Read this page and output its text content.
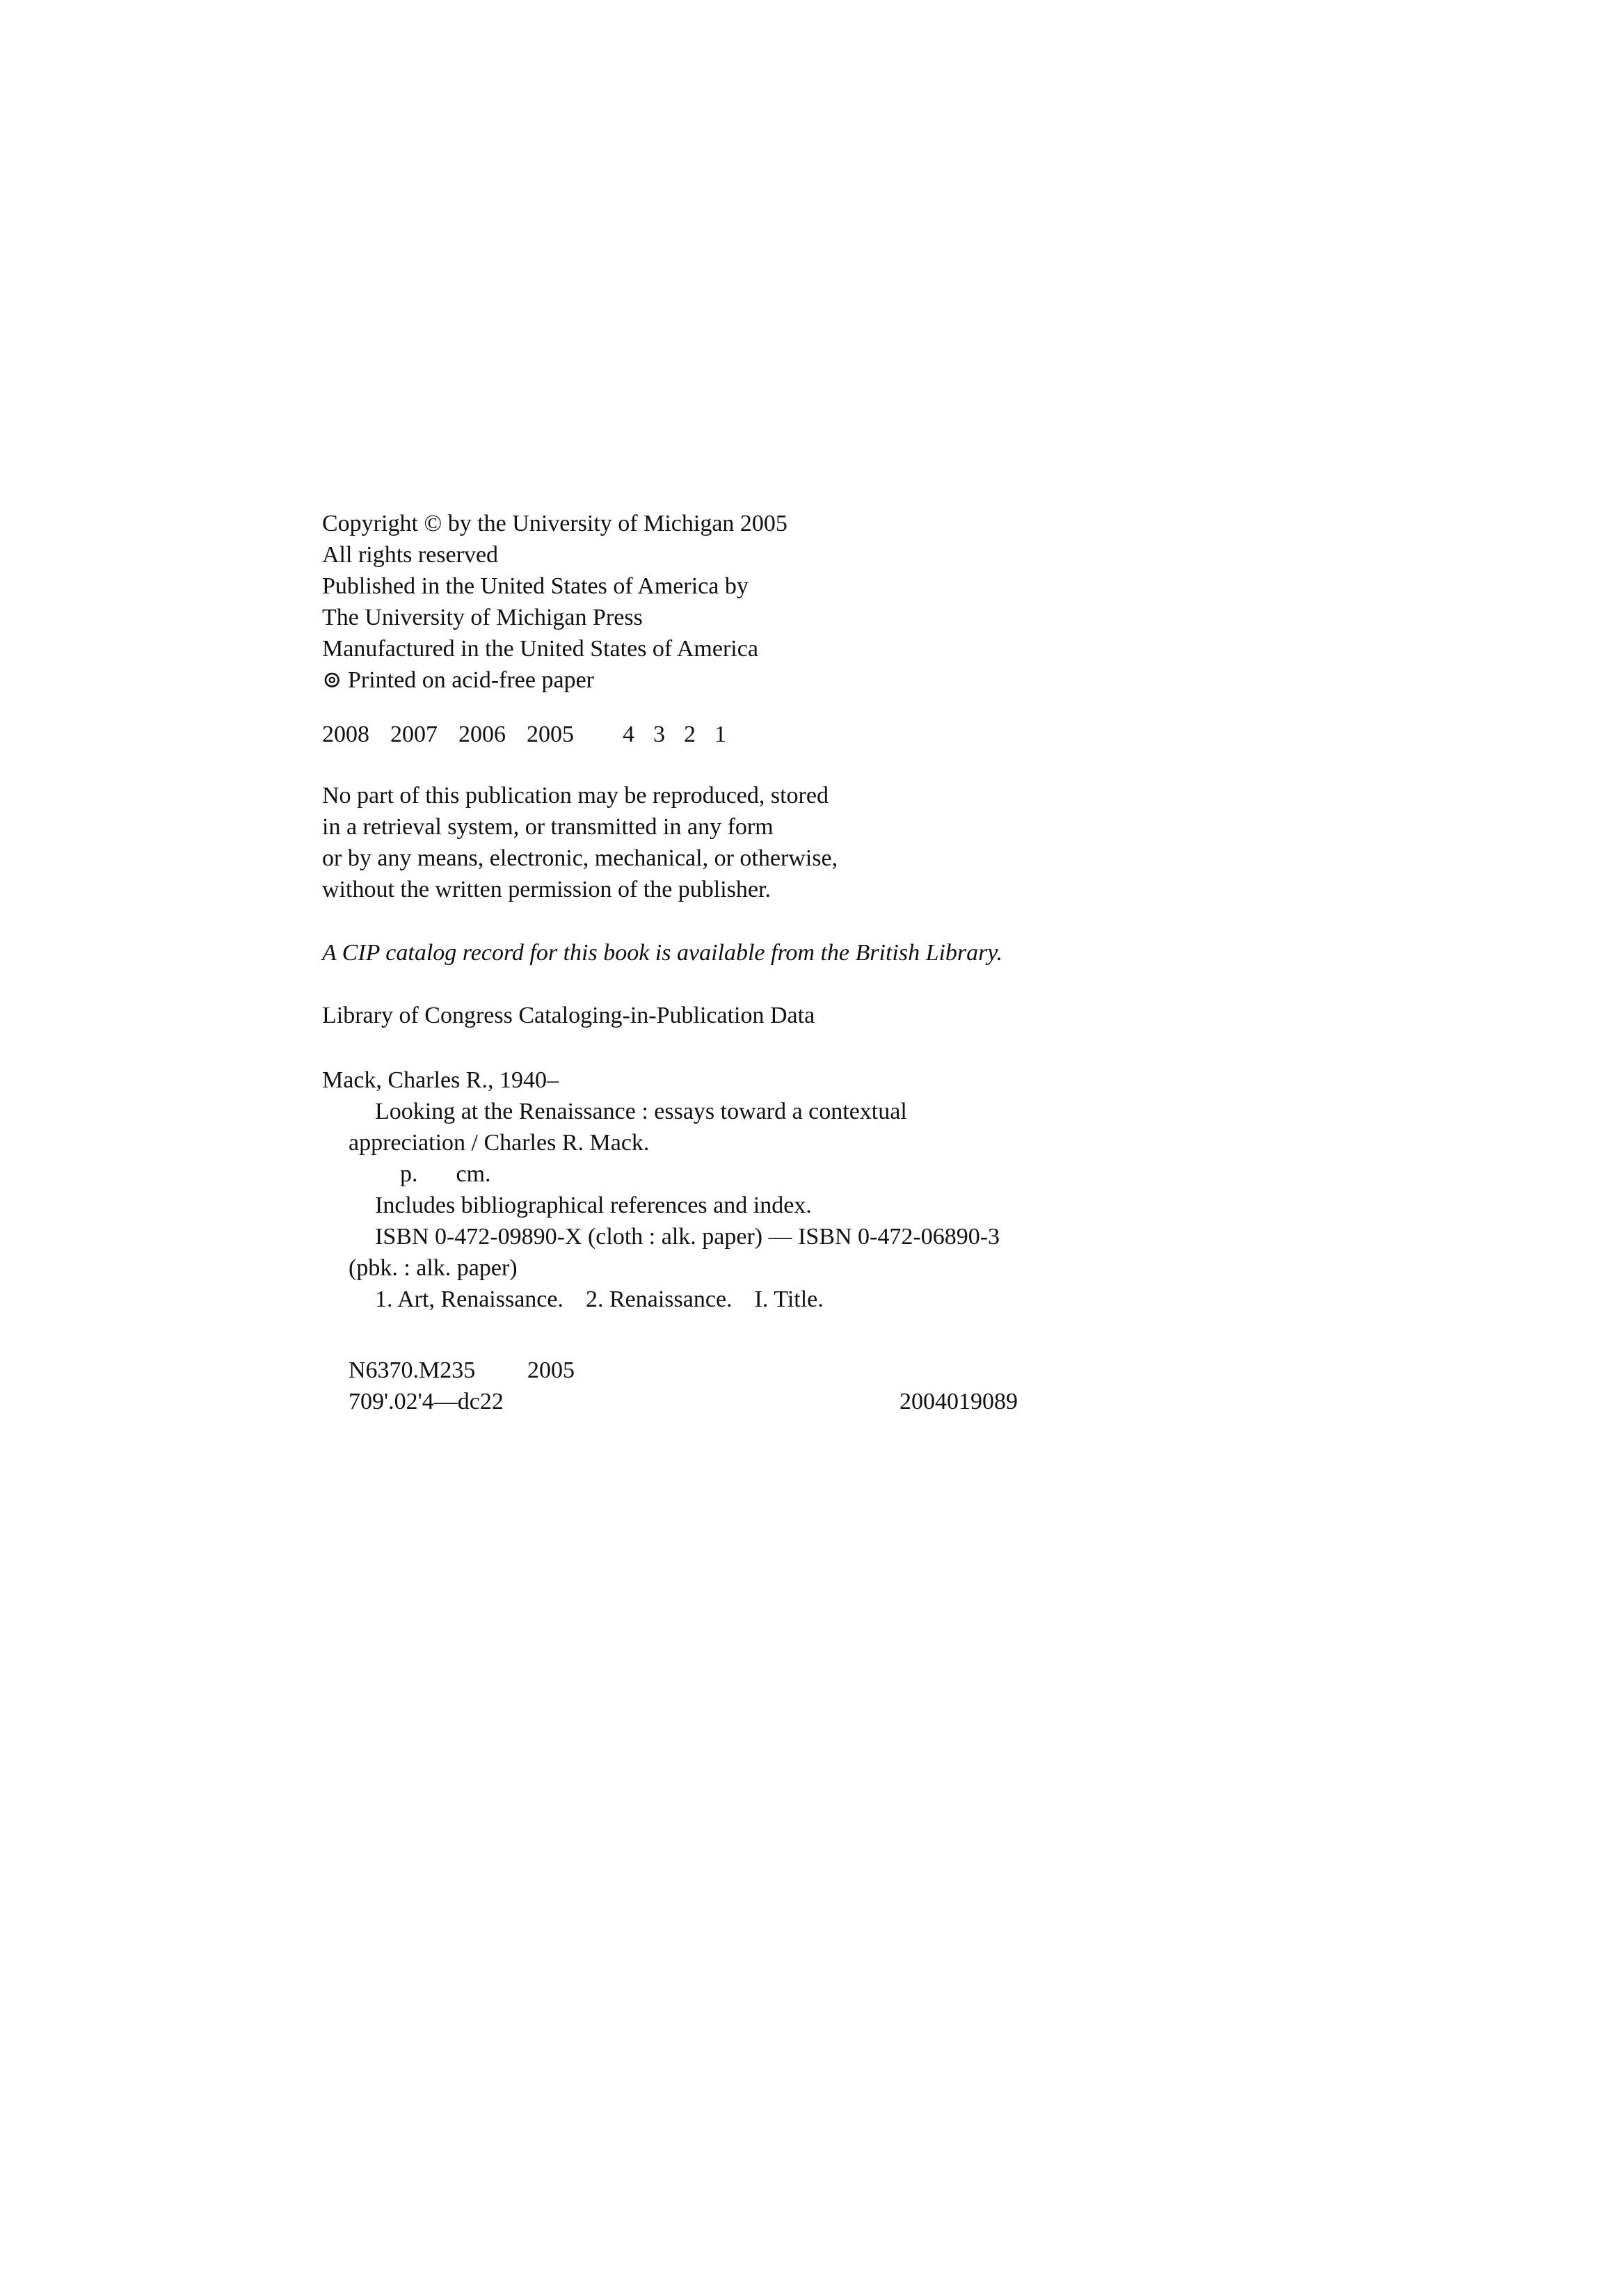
Copyright © by the University of Michigan 2005
All rights reserved
Published in the United States of America by
The University of Michigan Press
Manufactured in the United States of America
⊚ Printed on acid-free paper
2008 2007 2006 2005 4 3 2 1
No part of this publication may be reproduced, stored
in a retrieval system, or transmitted in any form
or by any means, electronic, mechanical, or otherwise,
without the written permission of the publisher.
A CIP catalog record for this book is available from the British Library.
Library of Congress Cataloging-in-Publication Data
Mack, Charles R., 1940–
Looking at the Renaissance : essays toward a contextual
appreciation / Charles R. Mack.
p. cm.
Includes bibliographical references and index.
ISBN 0-472-09890-X (cloth : alk. paper) — ISBN 0-472-06890-3
(pbk. : alk. paper)
1. Art, Renaissance. 2. Renaissance. I. Title.
N6370.M235 2005
709'.02'4—dc22	2004019089
